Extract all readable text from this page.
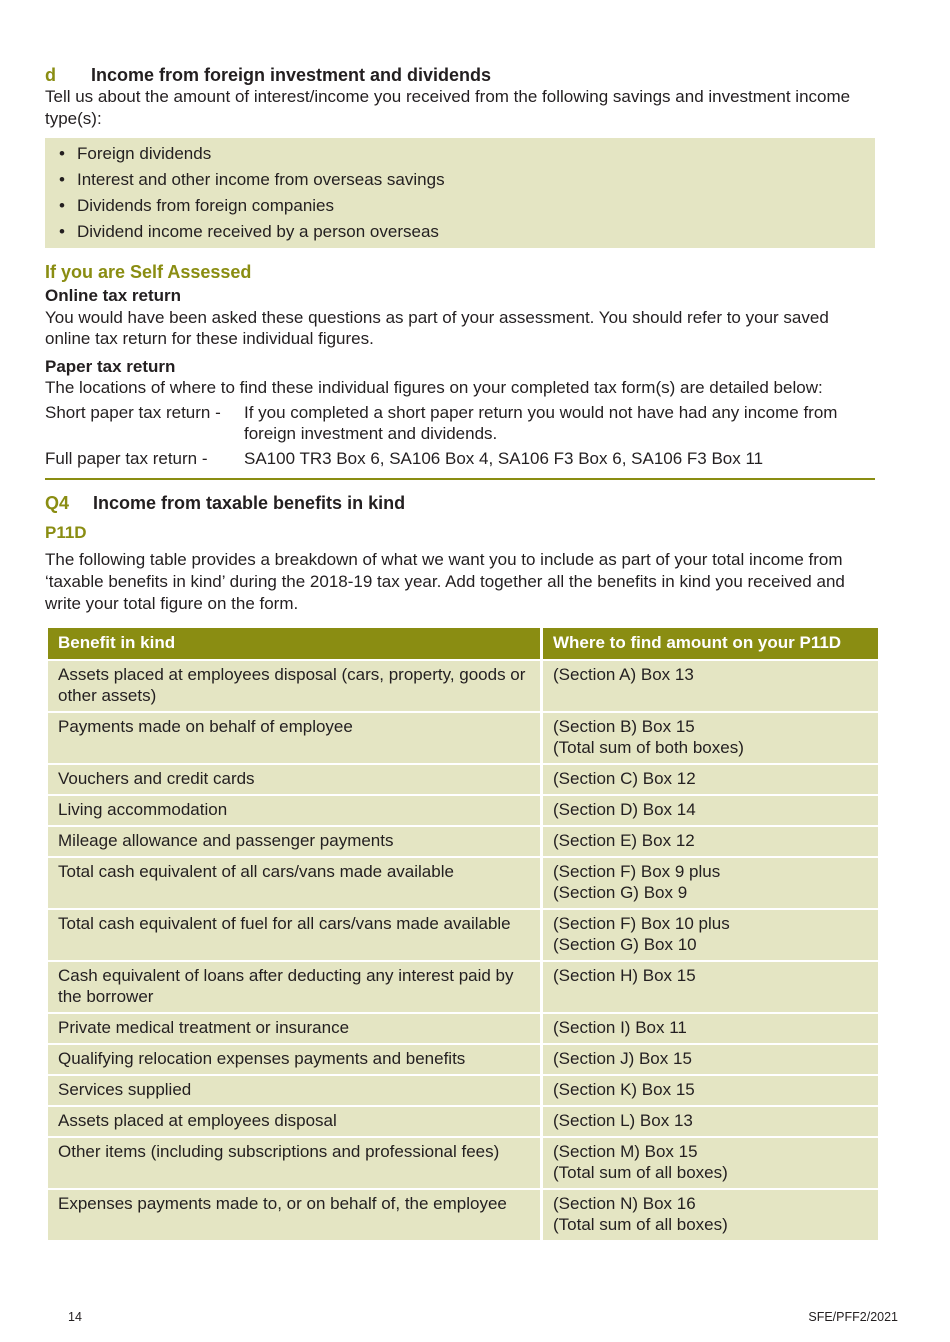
d Income from foreign investment and dividends

Tell us about the amount of interest/income you received from the following savings and investment income type(s):

• Foreign dividends
• Interest and other income from overseas savings
• Dividends from foreign companies
• Dividend income received by a person overseas
If you are Self Assessed
Online tax return

You would have been asked these questions as part of your assessment. You should refer to your saved online tax return for these individual figures.

Paper tax return

The locations of where to find these individual figures on your completed tax form(s) are detailed below:

Short paper tax return -	If you completed a short paper return you would not have had any income from foreign investment and dividends.
Full paper tax return -	SA100 TR3 Box 6, SA106 Box 4, SA106 F3 Box 6, SA106 F3 Box 11
Q4 Income from taxable benefits in kind
P11D

The following table provides a breakdown of what we want you to include as part of your total income from ‘taxable benefits in kind’ during the 2018-19 tax year. Add together all the benefits in kind you received and write your total figure on the form.

Benefit in kind	Where to find amount on your P11D
Assets placed at employees disposal (cars, property, goods or other assets)	(Section A) Box 13
Payments made on behalf of employee	(Section B) Box 15
(Total sum of both boxes)
Vouchers and credit cards	(Section C) Box 12
Living accommodation	(Section D) Box 14
Mileage allowance and passenger payments	(Section E) Box 12
Total cash equivalent of all cars/vans made available	(Section F) Box 9 plus
(Section G) Box 9
Total cash equivalent of fuel for all cars/vans made available	(Section F) Box 10 plus
(Section G) Box 10
Cash equivalent of loans after deducting any interest paid by the borrower	(Section H) Box 15
Private medical treatment or insurance	(Section I) Box 11
Qualifying relocation expenses payments and benefits	(Section J) Box 15
Services supplied	(Section K) Box 15
Assets placed at employees disposal	(Section L) Box 13
Other items (including subscriptions and professional fees)	(Section M) Box 15
(Total sum of all boxes)
Expenses payments made to, or on behalf of, the employee	(Section N) Box 16
(Total sum of all boxes)
14	SFE/PFF2/2021
